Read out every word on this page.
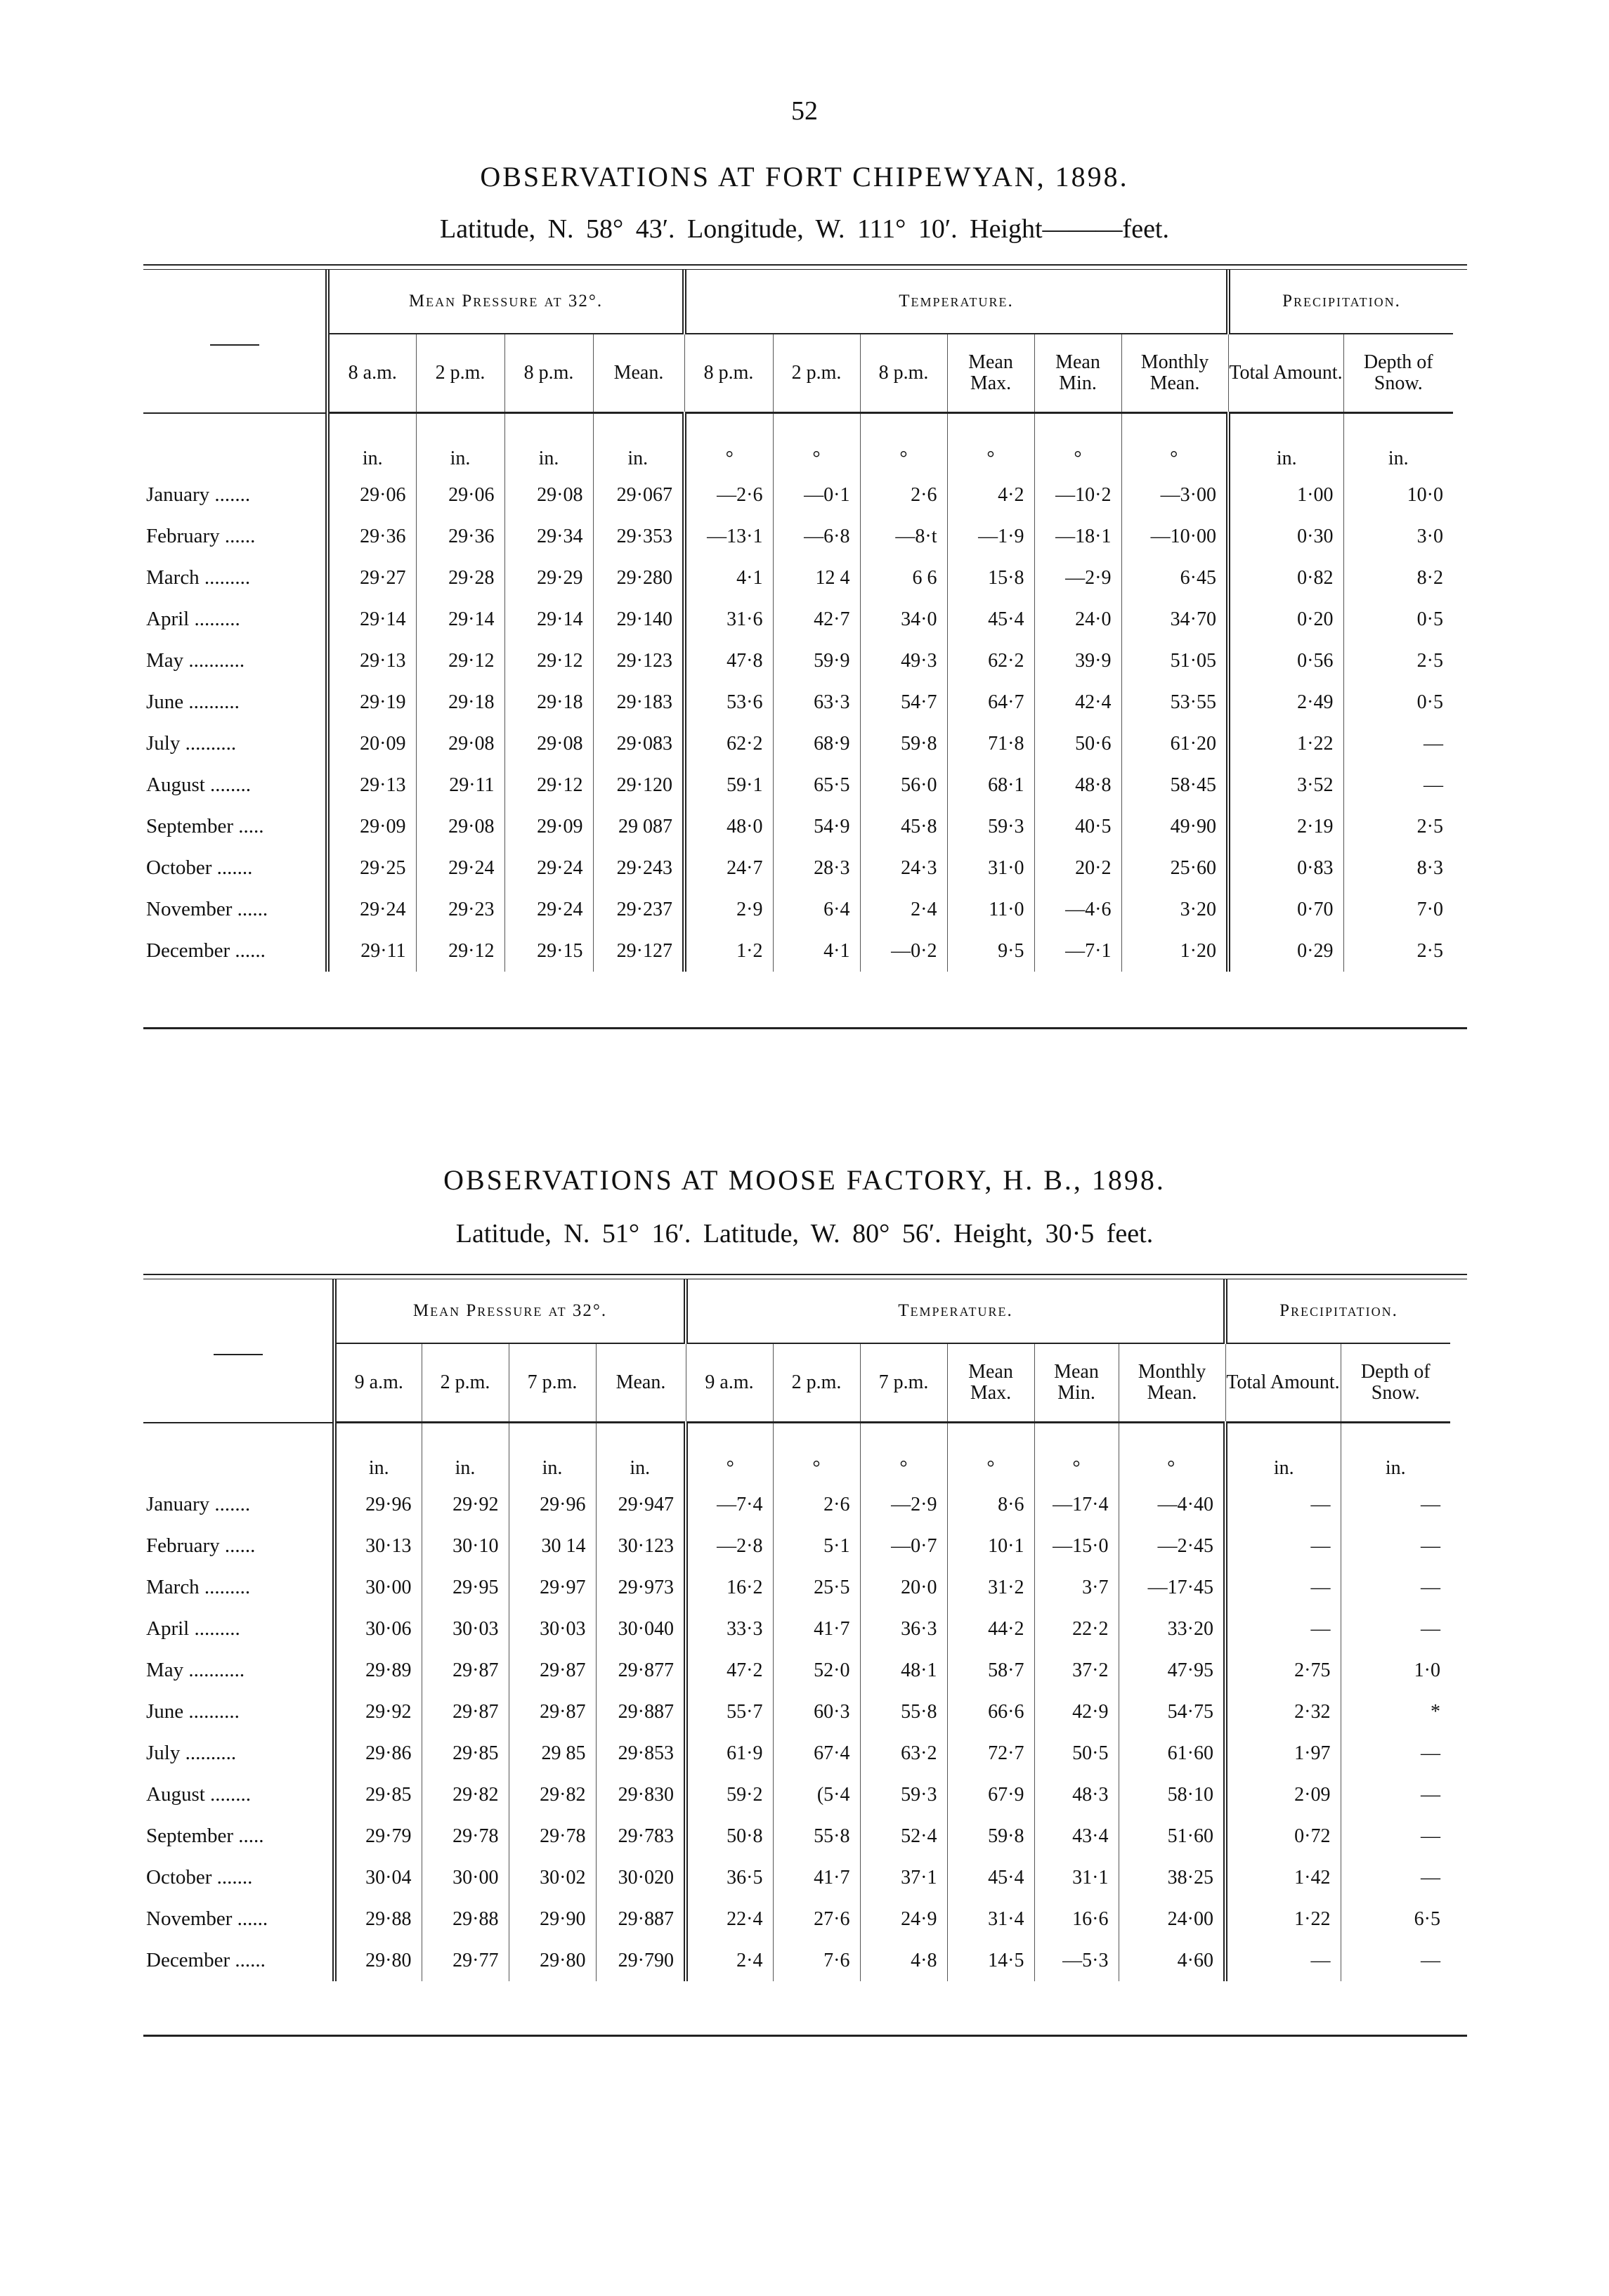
52
OBSERVATIONS AT FORT CHIPEWYAN, 1898.
Latitude, N. 58° 43′. Longitude, W. 111° 10′. Height———feet.
	Mean Pressure at 32°.				Temperature.						Precipitation.	
	8 a.m.	2 p.m.	8 p.m.	Mean.	8 p.m.	2 p.m.	8 p.m.	Mean Max.	Mean Min.	Monthly Mean.	Total Amount.	Depth of Snow.
	in.	in.	in.	in.	°	°	°	°	°	°	in.	in.
January .......	29·06	29·06	29·08	29·067	—2·6	—0·1	2·6	4·2	—10·2	—3·00	1·00	10·0
February ......	29·36	29·36	29·34	29·353	—13·1	—6·8	—8·t	—1·9	—18·1	—10·00	0·30	3·0
March .........	29·27	29·28	29·29	29·280	4·1	12 4	6 6	15·8	—2·9	6·45	0·82	8·2
April .........	29·14	29·14	29·14	29·140	31·6	42·7	34·0	45·4	24·0	34·70	0·20	0·5
May ...........	29·13	29·12	29·12	29·123	47·8	59·9	49·3	62·2	39·9	51·05	0·56	2·5
June ..........	29·19	29·18	29·18	29·183	53·6	63·3	54·7	64·7	42·4	53·55	2·49	0·5
July ..........	20·09	29·08	29·08	29·083	62·2	68·9	59·8	71·8	50·6	61·20	1·22	—
August ........	29·13	29·11	29·12	29·120	59·1	65·5	56·0	68·1	48·8	58·45	3·52	—
September .....	29·09	29·08	29·09	29 087	48·0	54·9	45·8	59·3	40·5	49·90	2·19	2·5
October .......	29·25	29·24	29·24	29·243	24·7	28·3	24·3	31·0	20·2	25·60	0·83	8·3
November ......	29·24	29·23	29·24	29·237	2·9	6·4	2·4	11·0	—4·6	3·20	0·70	7·0
December ......	29·11	29·12	29·15	29·127	1·2	4·1	—0·2	9·5	—7·1	1·20	0·29	2·5
OBSERVATIONS AT MOOSE FACTORY, H. B., 1898.
Latitude, N. 51° 16′. Latitude, W. 80° 56′. Height, 30·5 feet.
	Mean Pressure at 32°.				Temperature.						Precipitation.	
	9 a.m.	2 p.m.	7 p.m.	Mean.	9 a.m.	2 p.m.	7 p.m.	Mean Max.	Mean Min.	Monthly Mean.	Total Amount.	Depth of Snow.
	in.	in.	in.	in.	°	°	°	°	°	°	in.	in.
January .......	29·96	29·92	29·96	29·947	—7·4	2·6	—2·9	8·6	—17·4	—4·40	—	—
February ......	30·13	30·10	30 14	30·123	—2·8	5·1	—0·7	10·1	—15·0	—2·45	—	—
March .........	30·00	29·95	29·97	29·973	16·2	25·5	20·0	31·2	3·7	—17·45	—	—
April .........	30·06	30·03	30·03	30·040	33·3	41·7	36·3	44·2	22·2	33·20	—	—
May ...........	29·89	29·87	29·87	29·877	47·2	52·0	48·1	58·7	37·2	47·95	2·75	1·0
June ..........	29·92	29·87	29·87	29·887	55·7	60·3	55·8	66·6	42·9	54·75	2·32	*
July ..........	29·86	29·85	29 85	29·853	61·9	67·4	63·2	72·7	50·5	61·60	1·97	—
August ........	29·85	29·82	29·82	29·830	59·2	(5·4	59·3	67·9	48·3	58·10	2·09	—
September .....	29·79	29·78	29·78	29·783	50·8	55·8	52·4	59·8	43·4	51·60	0·72	—
October .......	30·04	30·00	30·02	30·020	36·5	41·7	37·1	45·4	31·1	38·25	1·42	—
November ......	29·88	29·88	29·90	29·887	22·4	27·6	24·9	31·4	16·6	24·00	1·22	6·5
December ......	29·80	29·77	29·80	29·790	2·4	7·6	4·8	14·5	—5·3	4·60	—	—
